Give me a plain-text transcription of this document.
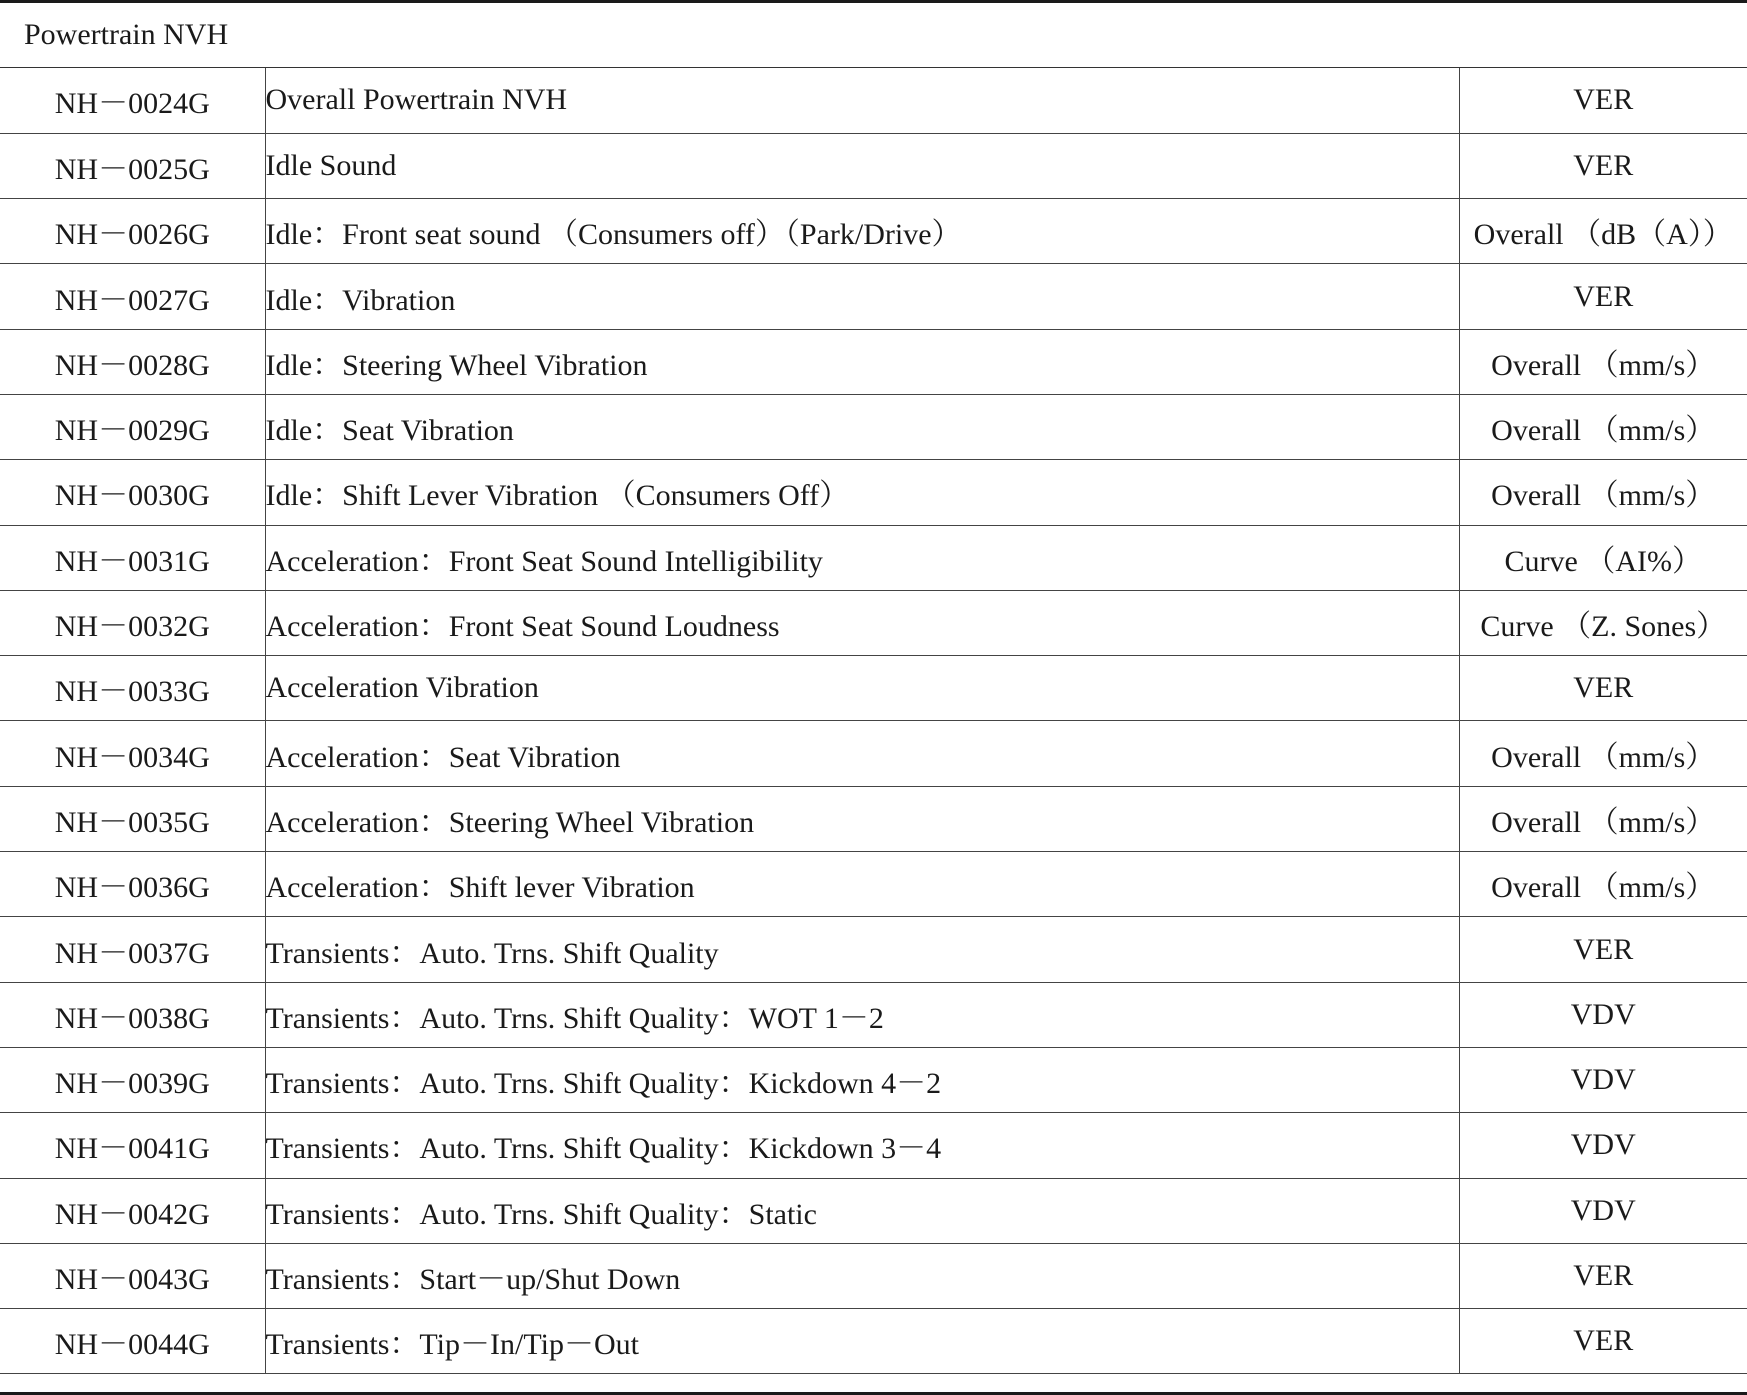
Powertrain NVH
NH－0024G	Overall Powertrain NVH	VER
NH－0025G	Idle Sound	VER
NH－0026G	Idle：Front seat sound （Consumers off）（Park/Drive）	Overall （dB（A））
NH－0027G	Idle：Vibration	VER
NH－0028G	Idle：Steering Wheel Vibration	Overall （mm/s）
NH－0029G	Idle：Seat Vibration	Overall （mm/s）
NH－0030G	Idle：Shift Lever Vibration （Consumers Off）	Overall （mm/s）
NH－0031G	Acceleration：Front Seat Sound Intelligibility	Curve （AI%）
NH－0032G	Acceleration：Front Seat Sound Loudness	Curve （Z. Sones）
NH－0033G	Acceleration Vibration	VER
NH－0034G	Acceleration：Seat Vibration	Overall （mm/s）
NH－0035G	Acceleration：Steering Wheel Vibration	Overall （mm/s）
NH－0036G	Acceleration：Shift lever Vibration	Overall （mm/s）
NH－0037G	Transients：Auto. Trns. Shift Quality	VER
NH－0038G	Transients：Auto. Trns. Shift Quality：WOT 1－2	VDV
NH－0039G	Transients：Auto. Trns. Shift Quality：Kickdown 4－2	VDV
NH－0041G	Transients：Auto. Trns. Shift Quality：Kickdown 3－4	VDV
NH－0042G	Transients：Auto. Trns. Shift Quality：Static	VDV
NH－0043G	Transients：Start－up/Shut Down	VER
NH－0044G	Transients：Tip－In/Tip－Out	VER
